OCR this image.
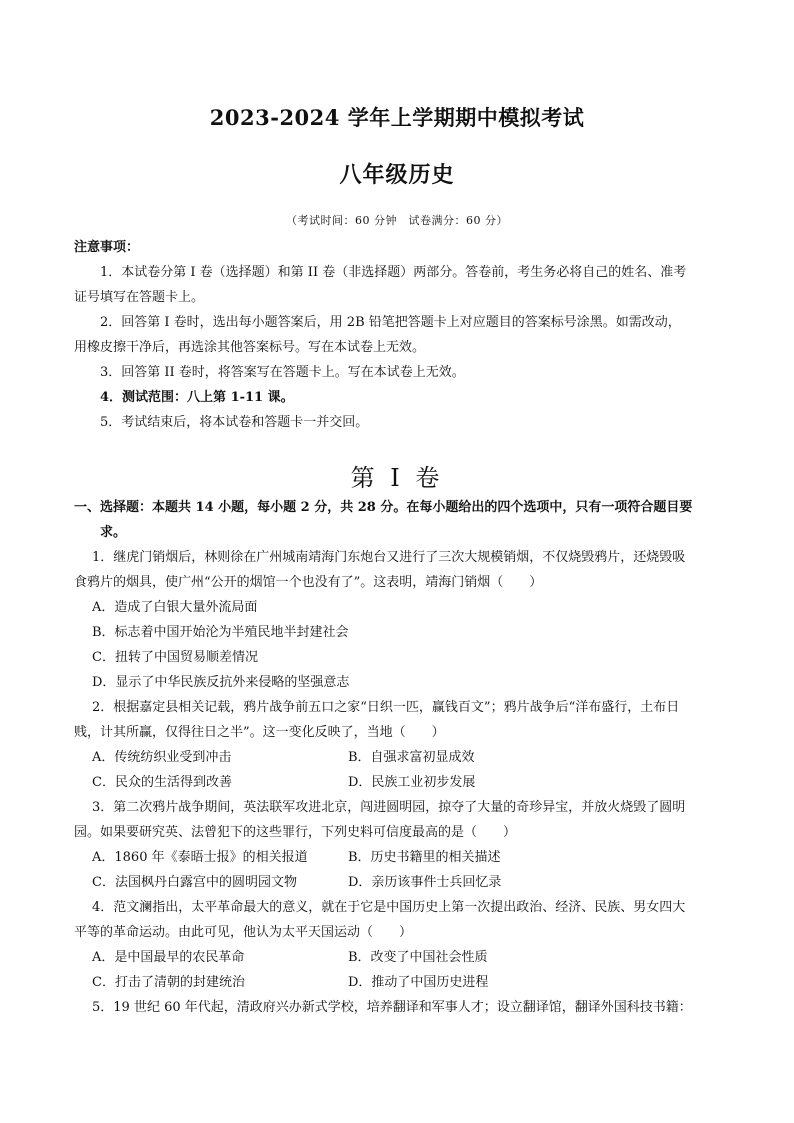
2023-2024 学年上学期期中模拟考试
八年级历史
（考试时间：60 分钟　试卷满分：60 分）
注意事项：
1．本试卷分第 I 卷（选择题）和第 II 卷（非选择题）两部分。答卷前，考生务必将自己的姓名、准考
证号填写在答题卡上。
2．回答第 I 卷时，选出每小题答案后，用 2B 铅笔把答题卡上对应题目的答案标号涂黑。如需改动，
用橡皮擦干净后，再选涂其他答案标号。写在本试卷上无效。
3．回答第 II 卷时，将答案写在答题卡上。写在本试卷上无效。
4．测试范围：八上第 1-11 课。
5．考试结束后，将本试卷和答题卡一并交回。
第 I 卷
一、选择题：本题共 14 小题，每小题 2 分，共 28 分。在每小题给出的四个选项中，只有一项符合题目要
求。
1．继虎门销烟后，林则徐在广州城南靖海门东炮台又进行了三次大规模销烟，不仅烧毁鸦片，还烧毁吸
食鸦片的烟具，使广州“公开的烟馆一个也没有了”。这表明，靖海门销烟（　　）
A．造成了白银大量外流局面
B．标志着中国开始沦为半殖民地半封建社会
C．扭转了中国贸易顺差情况
D．显示了中华民族反抗外来侵略的坚强意志
2．根据嘉定县相关记载，鸦片战争前五口之家“日织一匹，赢钱百文”；鸦片战争后“洋布盛行，土布日
贱，计其所赢，仅得往日之半”。这一变化反映了，当地（　　）
A．传统纺织业受到冲击	B．自强求富初显成效
C．民众的生活得到改善	D．民族工业初步发展
3．第二次鸦片战争期间，英法联军攻进北京，闯进圆明园，掠夺了大量的奇珍异宝，并放火烧毁了圆明
园。如果要研究英、法曾犯下的这些罪行，下列史料可信度最高的是（　　）
A．1860 年《泰晤士报》的相关报道	B．历史书籍里的相关描述
C．法国枫丹白露宫中的圆明园文物	D．亲历该事件士兵回忆录
4．范文澜指出，太平革命最大的意义，就在于它是中国历史上第一次提出政治、经济、民族、男女四大
平等的革命运动。由此可见，他认为太平天国运动（　　）
A．是中国最早的农民革命	B．改变了中国社会性质
C．打击了清朝的封建统治	D．推动了中国历史进程
5．19 世纪 60 年代起，清政府兴办新式学校，培养翻译和军事人才；设立翻译馆，翻译外国科技书籍：
